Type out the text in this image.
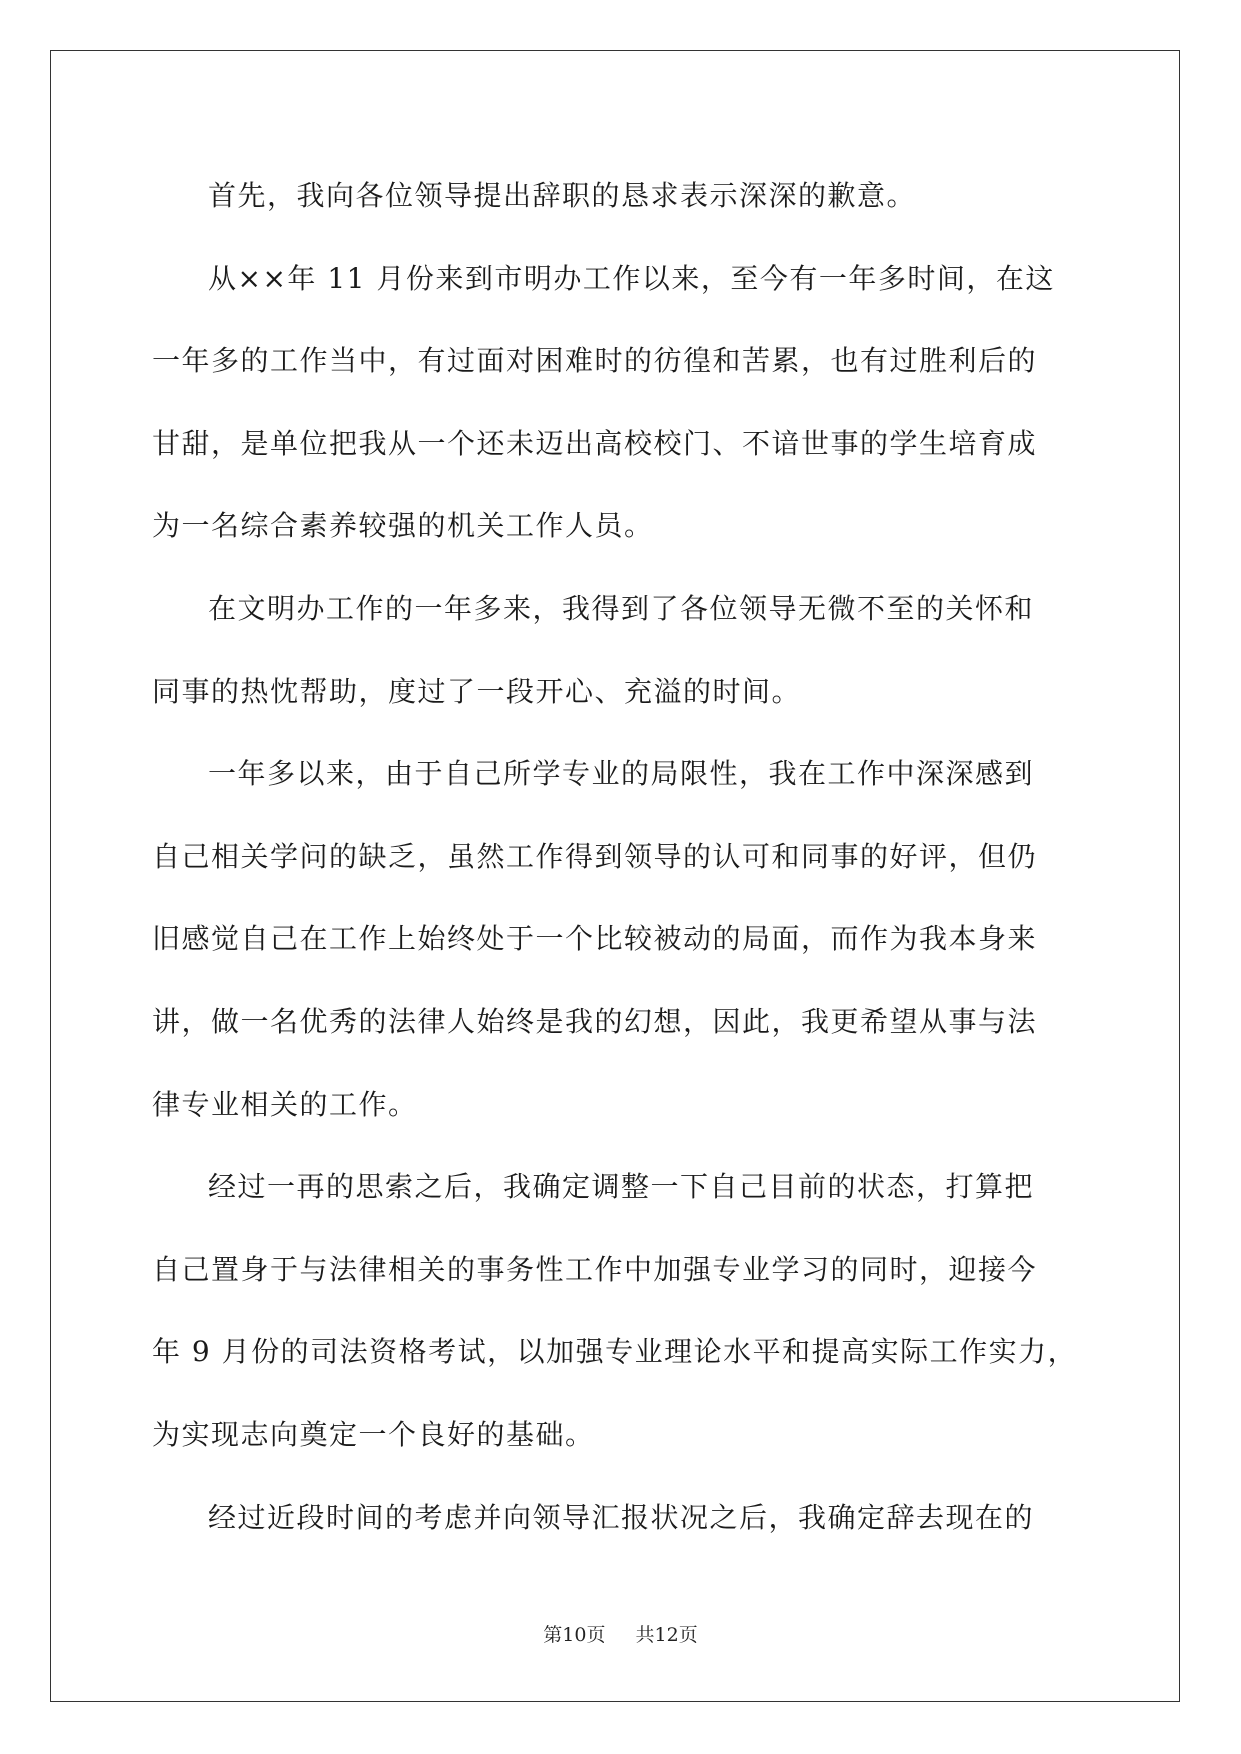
首先，我向各位领导提出辞职的恳求表示深深的歉意。

从××年 11 月份来到市明办工作以来，至今有一年多时间，在这
一年多的工作当中，有过面对困难时的彷徨和苦累，也有过胜利后的
甘甜，是单位把我从一个还未迈出高校校门、不谙世事的学生培育成
为一名综合素养较强的机关工作人员。

在文明办工作的一年多来，我得到了各位领导无微不至的关怀和
同事的热忱帮助，度过了一段开心、充溢的时间。

一年多以来，由于自己所学专业的局限性，我在工作中深深感到
自己相关学问的缺乏，虽然工作得到领导的认可和同事的好评，但仍
旧感觉自己在工作上始终处于一个比较被动的局面，而作为我本身来
讲，做一名优秀的法律人始终是我的幻想，因此，我更希望从事与法
律专业相关的工作。

经过一再的思索之后，我确定调整一下自己目前的状态，打算把
自己置身于与法律相关的事务性工作中加强专业学习的同时，迎接今
年 9 月份的司法资格考试，以加强专业理论水平和提高实际工作实力，
为实现志向奠定一个良好的基础。

经过近段时间的考虑并向领导汇报状况之后，我确定辞去现在的

第10页 共12页
